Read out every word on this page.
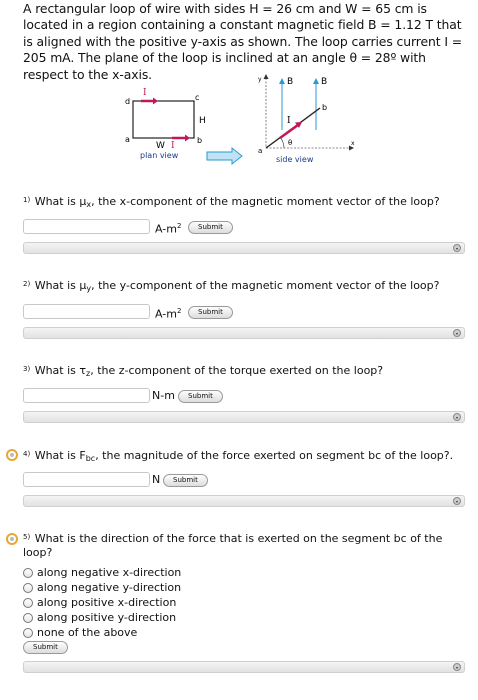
A rectangular loop of wire with sides H = 26 cm and W = 65 cm is located in a region containing a constant magnetic field B = 1.12 T that is aligned with the positive y-axis as shown. The loop carries current I = 205 mA. The plane of the loop is inclined at an angle θ = 28º with respect to the x-axis.

d	c
a	b
H
W
I
I
plan view
y
x
B	B
b
a
I
θ
side view
$^{1)}$ What is μx, the x-component of the magnetic moment vector of the loop?
$A-m^2$	Submit
$^{2)}$ What is μy, the y-component of the magnetic moment vector of the loop?
$A-m^2$	Submit
$^{3)}$ What is τz, the z-component of the torque exerted on the loop?
N-m	Submit
$^{4)}$ What is Fbc, the magnitude of the force exerted on segment bc of the loop?.
N	Submit
$^{5)}$ What is the direction of the force that is exerted on the segment bc of the loop?
along negative x-direction
along negative y-direction
along positive x-direction
along positive y-direction
none of the above
Submit
